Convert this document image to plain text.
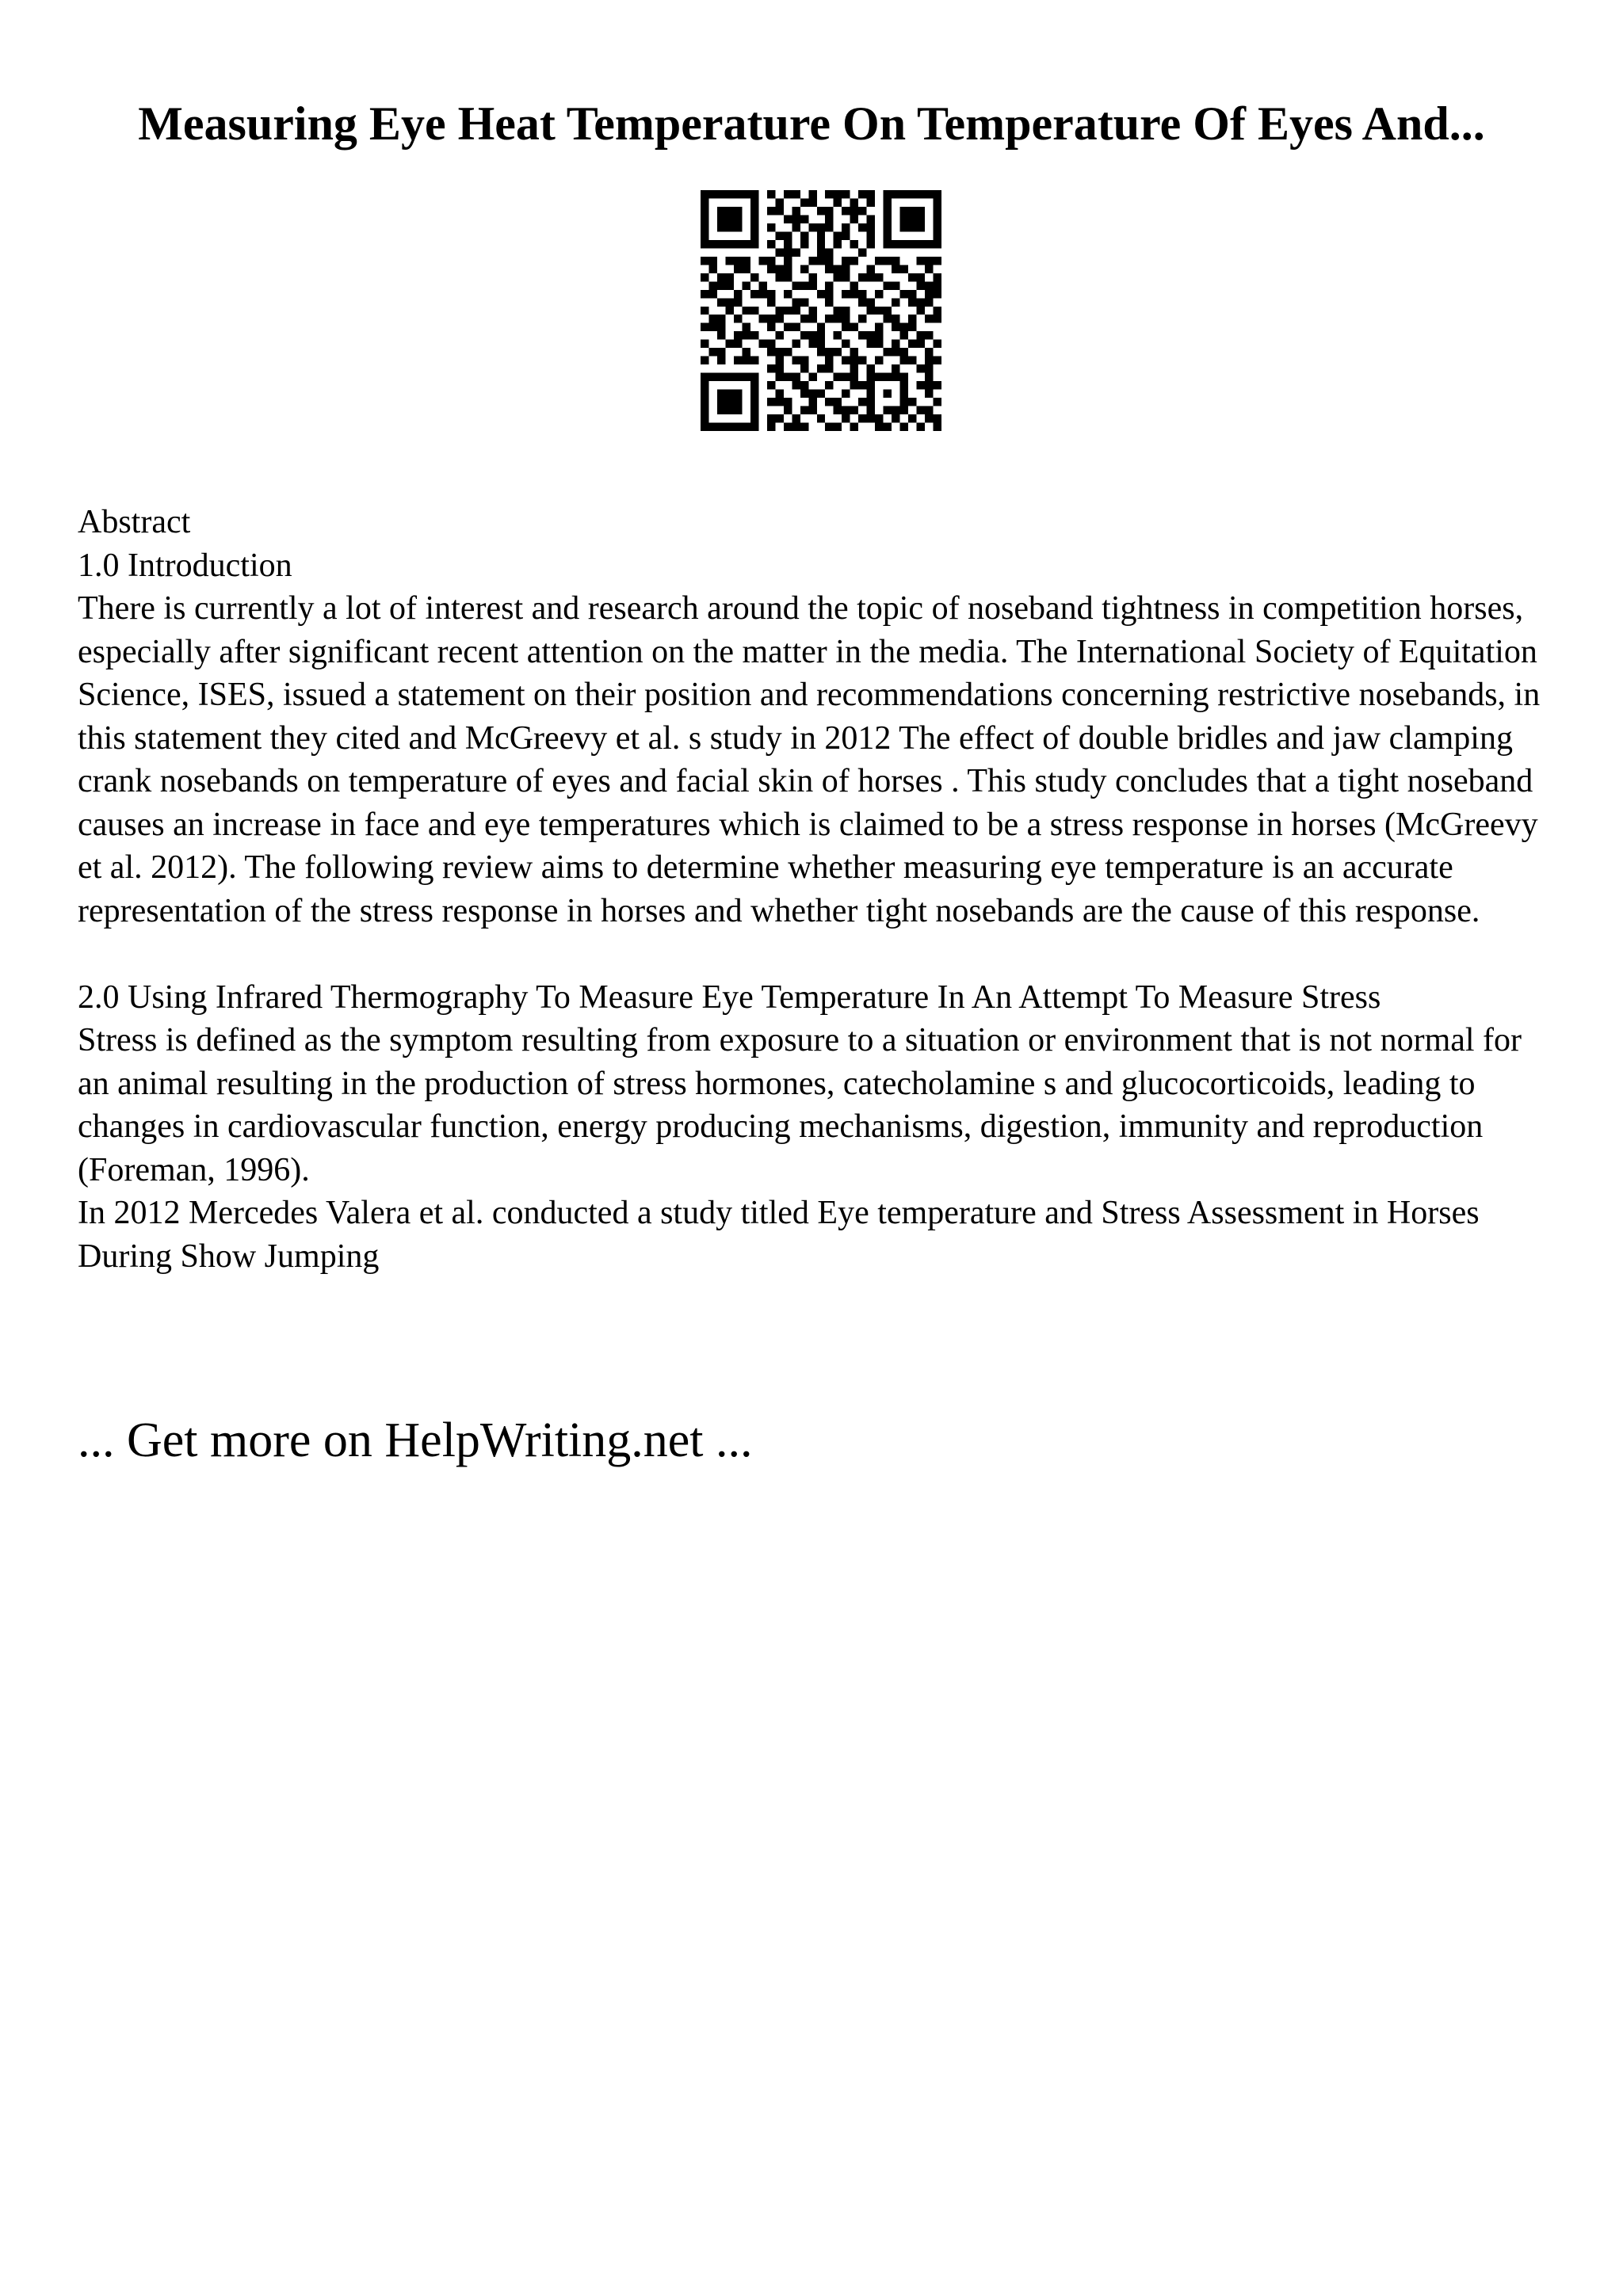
Measuring Eye Heat Temperature On Temperature Of Eyes And...

Abstract

1.0 Introduction

There is currently a lot of interest and research around the topic of noseband tightness in competition horses, especially after significant recent attention on the matter in the media. The International Society of Equitation Science, ISES, issued a statement on their position and recommendations concerning restrictive nosebands, in this statement they cited and McGreevy et al. s study in 2012 The effect of double bridles and jaw clamping crank nosebands on temperature of eyes and facial skin of horses . This study concludes that a tight noseband causes an increase in face and eye temperatures which is claimed to be a stress response in horses (McGreevy et al. 2012). The following review aims to determine whether measuring eye temperature is an accurate representation of the stress response in horses and whether tight nosebands are the cause of this response.

2.0 Using Infrared Thermography To Measure Eye Temperature In An Attempt To Measure Stress

Stress is defined as the symptom resulting from exposure to a situation or environment that is not normal for an animal resulting in the production of stress hormones, catecholamine s and glucocorticoids, leading to changes in cardiovascular function, energy producing mechanisms, digestion, immunity and reproduction (Foreman, 1996).

In 2012 Mercedes Valera et al. conducted a study titled Eye temperature and Stress Assessment in Horses During Show Jumping

... Get more on HelpWriting.net ...
